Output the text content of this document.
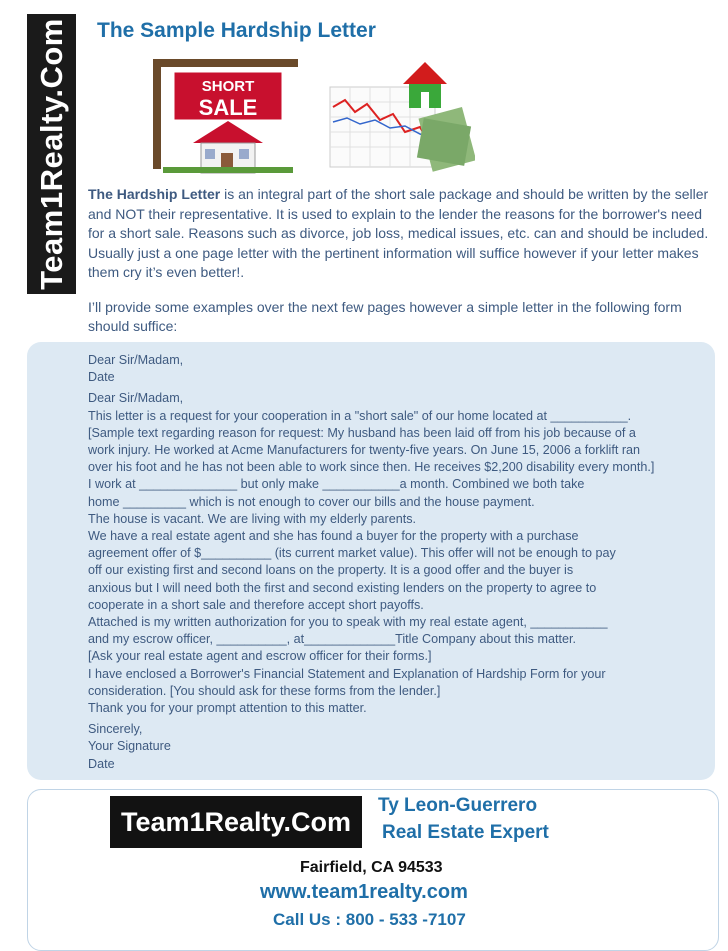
Team1Realty.Com The Sample Hardship Letter
SHORT
SALE
The Hardship Letter is an integral part of the short sale package and should be written by the seller and NOT their representative. It is used to explain to the lender the reasons for the borrower's need for a short sale. Reasons such as divorce, job loss, medical issues, etc. can and should be included. Usually just a one page letter with the pertinent information will suffice however if your letter makes them cry it’s even better!.
I’ll provide some examples over the next few pages however a simple letter in the following form should suffice:
Dear Sir/Madam,
Date
Dear Sir/Madam,
This letter is a request for your cooperation in a "short sale" of our home located at ___________.
[Sample text regarding reason for request: My husband has been laid off from his job because of a
work injury. He worked at Acme Manufacturers for twenty-five years. On June 15, 2006 a forklift ran
over his foot and he has not been able to work since then. He receives $2,200 disability every month.]
I work at ______________ but only make ___________a month. Combined we both take
home _________ which is not enough to cover our bills and the house payment.
The house is vacant. We are living with my elderly parents.
We have a real estate agent and she has found a buyer for the property with a purchase
agreement offer of $__________ (its current market value). This offer will not be enough to pay
off our existing first and second loans on the property. It is a good offer and the buyer is
anxious but I will need both the first and second existing lenders on the property to agree to
cooperate in a short sale and therefore accept short payoffs.
Attached is my written authorization for you to speak with my real estate agent, ___________
and my escrow officer, __________, at_____________Title Company about this matter.
[Ask your real estate agent and escrow officer for their forms.]
I have enclosed a Borrower's Financial Statement and Explanation of Hardship Form for your
consideration. [You should ask for these forms from the lender.]
Thank you for your prompt attention to this matter.
Sincerely,
Your Signature
Date
Team1Realty.Com
Ty Leon-Guerrero
Real Estate Expert
Fairfield, CA 94533
www.team1realty.com
Call Us : 800 - 533 -7107
